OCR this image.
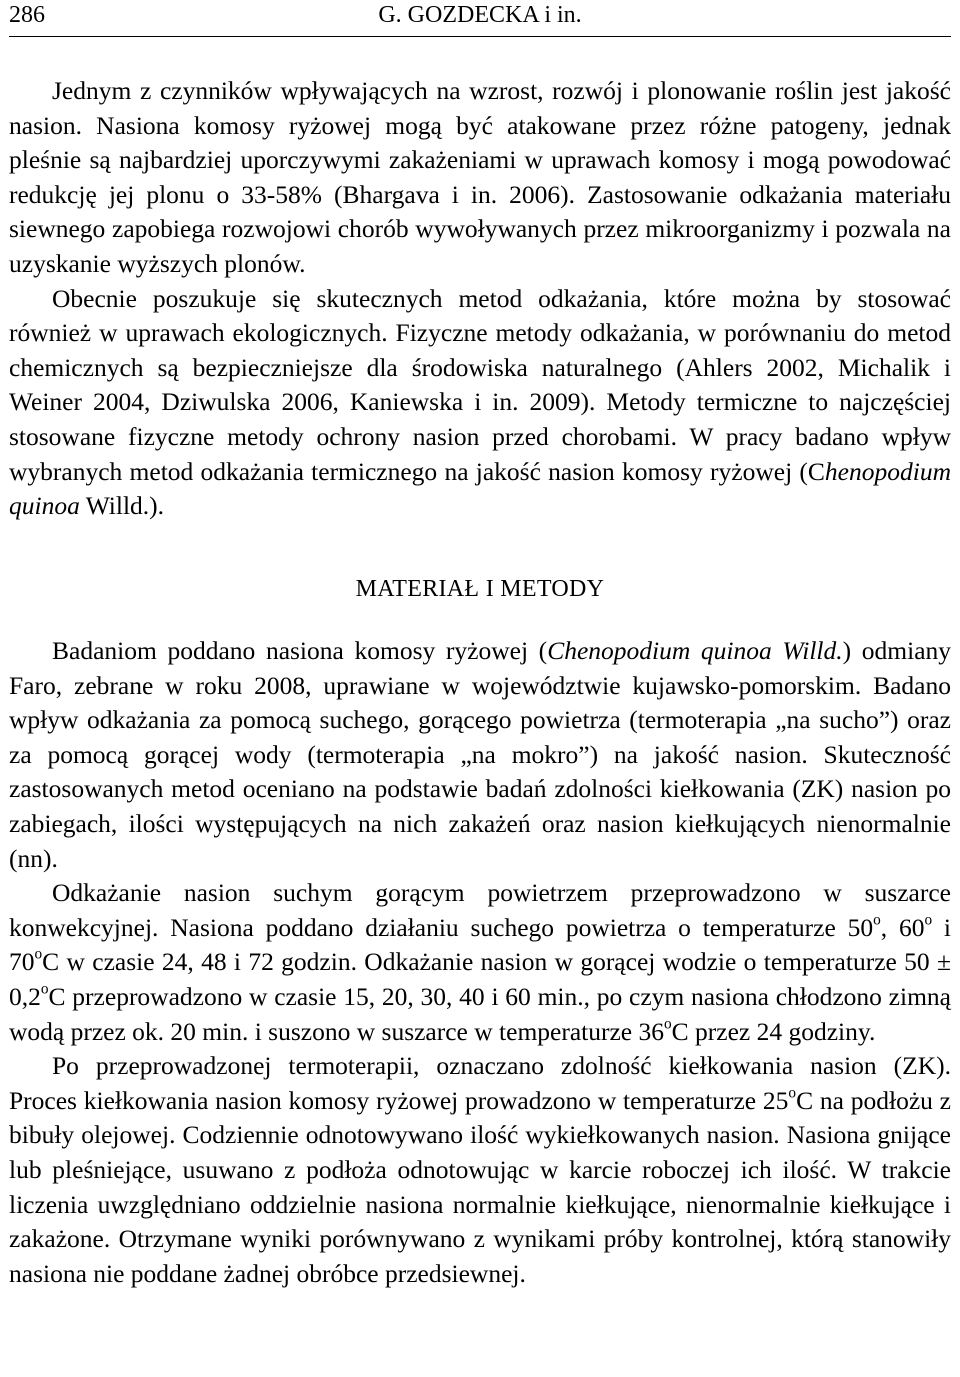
286	G. GOZDECKA i in.

Jednym z czynników wpływających na wzrost, rozwój i plonowanie roślin jest jakość nasion. Nasiona komosy ryżowej mogą być atakowane przez różne patogeny, jednak pleśnie są najbardziej uporczywymi zakażeniami w uprawach komosy i mogą powodować redukcję jej plonu o 33-58% (Bhargava i in. 2006). Zastosowanie odkażania materiału siewnego zapobiega rozwojowi chorób wywoływanych przez mikroorganizmy i pozwala na uzyskanie wyższych plonów.

Obecnie poszukuje się skutecznych metod odkażania, które można by stosować również w uprawach ekologicznych. Fizyczne metody odkażania, w porównaniu do metod chemicznych są bezpieczniejsze dla środowiska naturalnego (Ahlers 2002, Michalik i Weiner 2004, Dziwulska 2006, Kaniewska i in. 2009). Metody termiczne to najczęściej stosowane fizyczne metody ochrony nasion przed chorobami. W pracy badano wpływ wybranych metod odkażania termicznego na jakość nasion komosy ryżowej (Chenopodium quinoa Willd.).

MATERIAŁ I METODY

Badaniom poddano nasiona komosy ryżowej (Chenopodium quinoa Willd.) odmiany Faro, zebrane w roku 2008, uprawiane w województwie kujawsko-pomorskim. Badano wpływ odkażania za pomocą suchego, gorącego powietrza (termoterapia „na sucho”) oraz za pomocą gorącej wody (termoterapia „na mokro”) na jakość nasion. Skuteczność zastosowanych metod oceniano na podstawie badań zdolności kiełkowania (ZK) nasion po zabiegach, ilości występujących na nich zakażeń oraz nasion kiełkujących nienormalnie (nn).

Odkażanie nasion suchym gorącym powietrzem przeprowadzono w suszarce konwekcyjnej. Nasiona poddano działaniu suchego powietrza o temperaturze 50$^o$, 60$^o$ i 70$^o$C w czasie 24, 48 i 72 godzin. Odkażanie nasion w gorącej wodzie o temperaturze $50 \pm 0,2^oC$ przeprowadzono w czasie 15, 20, 30, 40 i 60 min., po czym nasiona chłodzono zimną wodą przez ok. 20 min. i suszono w suszarce w temperaturze 36$^o$C przez 24 godziny.

Po przeprowadzonej termoterapii, oznaczano zdolność kiełkowania nasion (ZK). Proces kiełkowania nasion komosy ryżowej prowadzono w temperaturze 25$^o$C na podłożu z bibuły olejowej. Codziennie odnotowywano ilość wykiełkowanych nasion. Nasiona gnijące lub pleśniejące, usuwano z podłoża odnotowując w karcie roboczej ich ilość. W trakcie liczenia uwzględniano oddzielnie nasiona normalnie kiełkujące, nienormalnie kiełkujące i zakażone. Otrzymane wyniki porównywano z wynikami próby kontrolnej, którą stanowiły nasiona nie poddane żadnej obróbce przedsiewnej.
